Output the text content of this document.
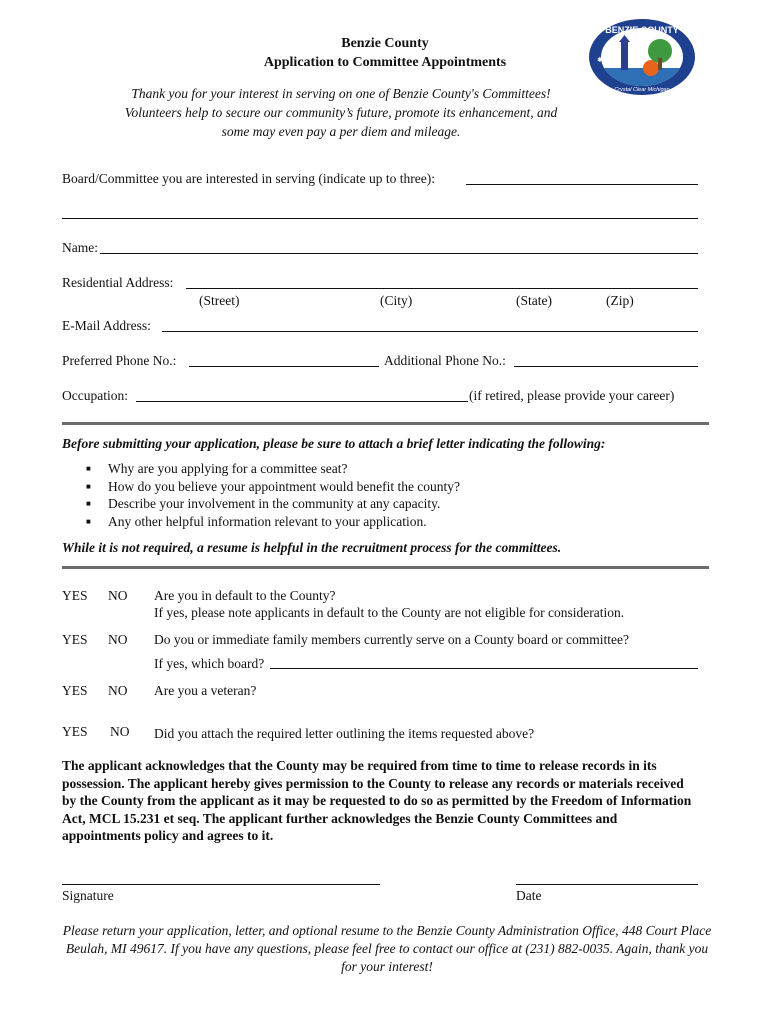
Benzie County
Application to Committee Appointments
BENZIE COUNTY
Crystal Clear Michigan
✱
Thank you for your interest in serving on one of Benzie County's Committees! Volunteers help to secure our community’s future, promote its enhancement, and some may even pay a per diem and mileage.
Board/Committee you are interested in serving (indicate up to three):
Name:
Residential Address:
(Street)	(City)	(State)	(Zip)
E-Mail Address:
Preferred Phone No.:	Additional Phone No.:
Occupation:	(if retired, please provide your career)
Before submitting your application, please be sure to attach a brief letter indicating the following:
■ Why are you applying for a committee seat?
■ How do you believe your appointment would benefit the county?
■ Describe your involvement in the community at any capacity.
■ Any other helpful information relevant to your application.
While it is not required, a resume is helpful in the recruitment process for the committees.
YES NO Are you in default to the County?
If yes, please note applicants in default to the County are not eligible for consideration.
YES NO Do you or immediate family members currently serve on a County board or committee?
If yes, which board?
YES NO Are you a veteran?
YES NO Did you attach the required letter outlining the items requested above?
The applicant acknowledges that the County may be required from time to time to release records in its possession. The applicant hereby gives permission to the County to release any records or materials received by the County from the applicant as it may be requested to do so as permitted by the Freedom of Information Act, MCL 15.231 et seq. The applicant further acknowledges the Benzie County Committees and appointments policy and agrees to it.
Signature	Date
Please return your application, letter, and optional resume to the Benzie County Administration Office, 448 Court Place Beulah, MI 49617. If you have any questions, please feel free to contact our office at (231) 882-0035. Again, thank you for your interest!
